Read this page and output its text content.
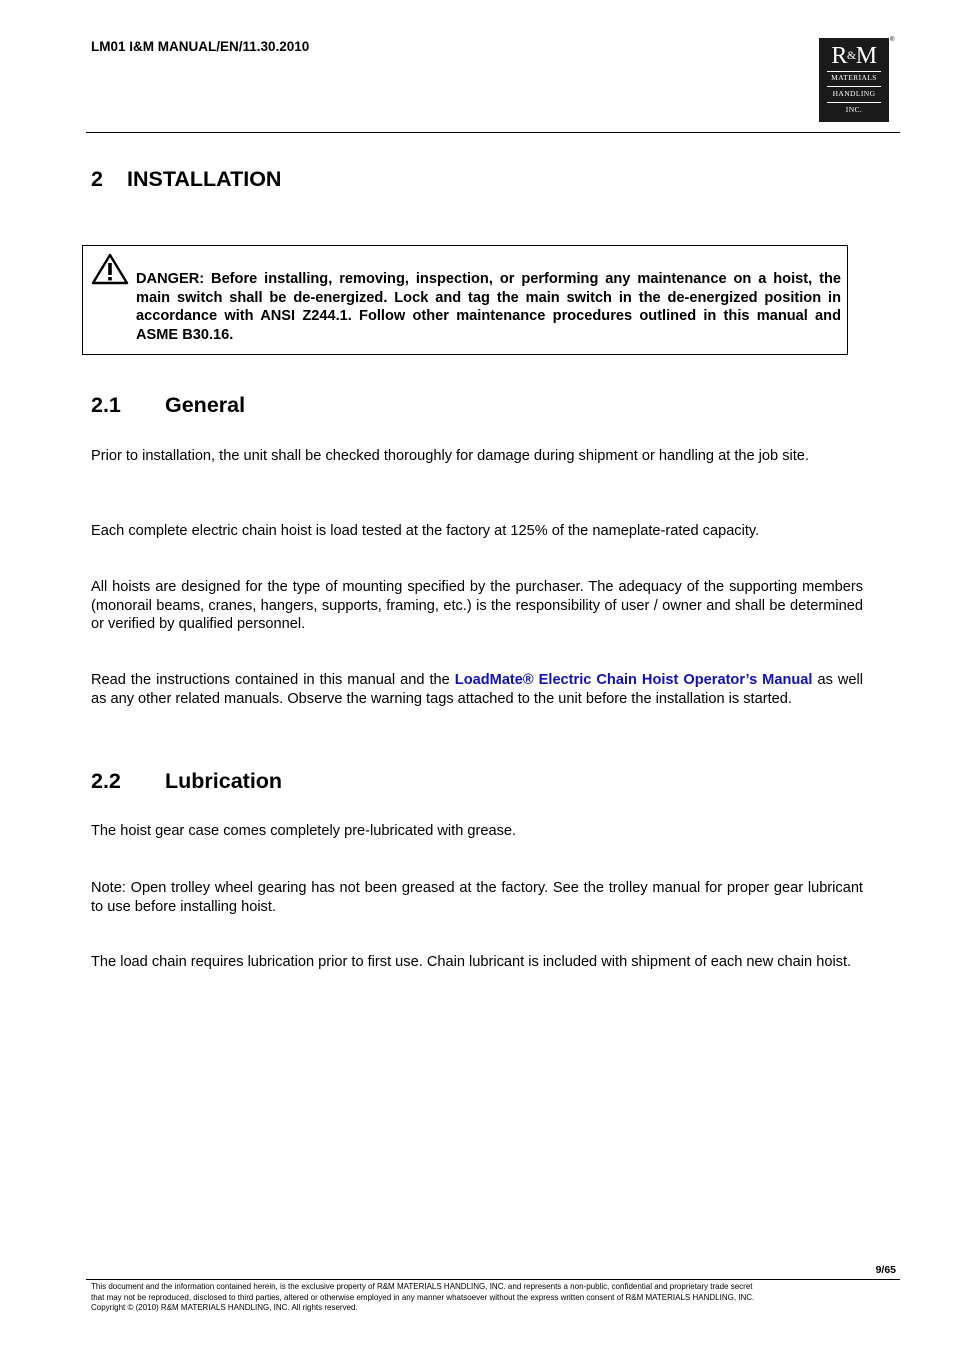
LM01 I&M MANUAL/EN/11.30.2010	R&M
MATERIALS
HANDLING
INC.
®
2 INSTALLATION
DANGER: Before installing, removing, inspection, or performing any maintenance on a hoist, the main switch shall be de-energized. Lock and tag the main switch in the de-energized position in accordance with ANSI Z244.1. Follow other maintenance procedures outlined in this manual and ASME B30.16.
2.1 General
Prior to installation, the unit shall be checked thoroughly for damage during shipment or handling at the job site.
Each complete electric chain hoist is load tested at the factory at 125% of the nameplate-rated capacity.
All hoists are designed for the type of mounting specified by the purchaser. The adequacy of the supporting members (monorail beams, cranes, hangers, supports, framing, etc.) is the responsibility of user / owner and shall be determined or verified by qualified personnel.
Read the instructions contained in this manual and the LoadMate® Electric Chain Hoist Operator’s Manual as well as any other related manuals. Observe the warning tags attached to the unit before the installation is started.
2.2 Lubrication
The hoist gear case comes completely pre-lubricated with grease.
Note: Open trolley wheel gearing has not been greased at the factory. See the trolley manual for proper gear lubricant to use before installing hoist.
The load chain requires lubrication prior to first use. Chain lubricant is included with shipment of each new chain hoist.
9/65
This document and the information contained herein, is the exclusive property of R&M MATERIALS HANDLING, INC. and represents a non-public, confidential and proprietary trade secret
that may not be reproduced, disclosed to third parties, altered or otherwise employed in any manner whatsoever without the express written consent of R&M MATERIALS HANDLING, INC.
Copyright © (2010) R&M MATERIALS HANDLING, INC. All rights reserved.
